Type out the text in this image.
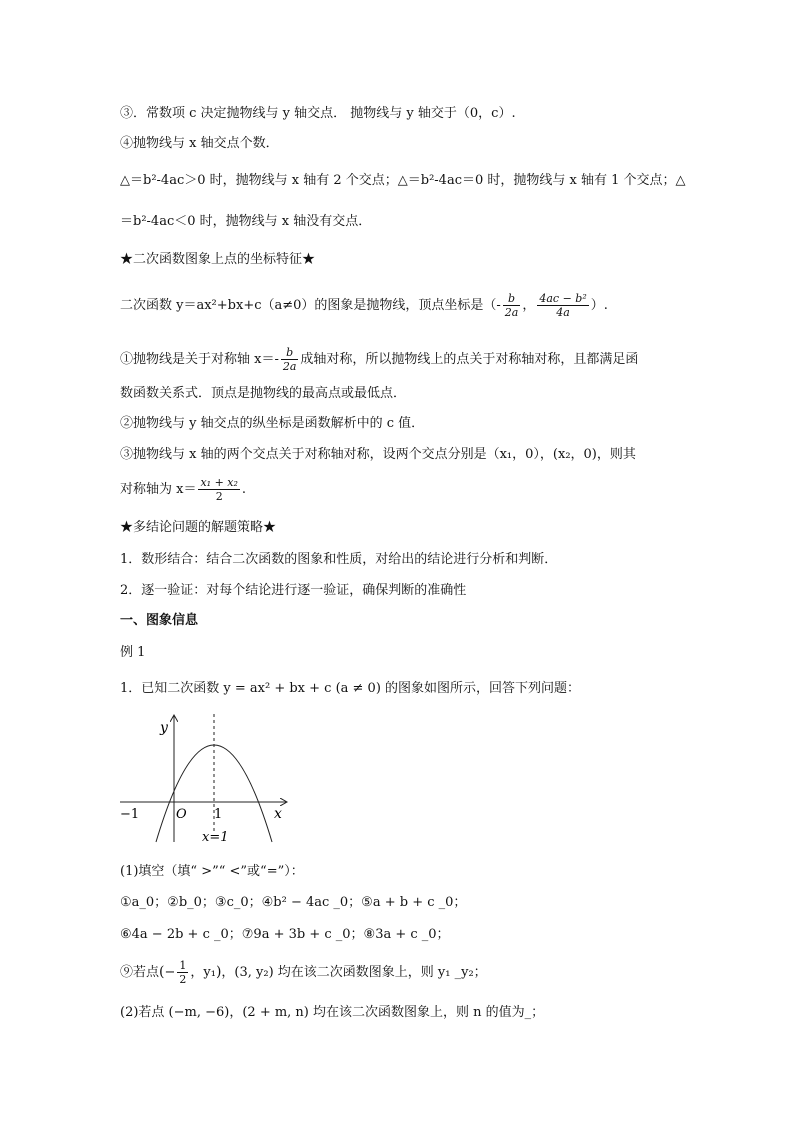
③．常数项 c 决定抛物线与 y 轴交点． 抛物线与 y 轴交于（0，c）.
④抛物线与 x 轴交点个数．
△＝b²-4ac＞0 时，抛物线与 x 轴有 2 个交点；△＝b²-4ac＝0 时，抛物线与 x 轴有 1 个交点；△
＝b²-4ac＜0 时，抛物线与 x 轴没有交点．
★二次函数图象上点的坐标特征★
二次函数 y＝ax²+bx+c（a≠0）的图象是抛物线，顶点坐标是（- $\frac{b}{2a}$ ， $\frac{\text{4ac − b²}}{4a}$ ）.
①抛物线是关于对称轴 $x=- \frac{b}{2a}$ 成轴对称，所以抛物线上的点关于对称轴对称，且都满足函
数函数关系式．顶点是抛物线的最高点或最低点．
②抛物线与 y 轴交点的纵坐标是函数解析中的 c 值．
③抛物线与 x 轴的两个交点关于对称轴对称，设两个交点分别是（x₁，0），(x₂，0)，则其
对称轴为 $x= \frac{\text{x₁ + x₂}}{2}$ .
★多结论问题的解题策略★
1．数形结合：结合二次函数的图象和性质，对给出的结论进行分析和判断．
2．逐一验证：对每个结论进行逐一验证，确保判断的准确性
一、图象信息
例 1
1．已知二次函数 y = ax² + bx + c (a ≠ 0) 的图象如图所示，回答下列问题：
y
x
O
−1	1
x=1
(1)填空（填“ >”“ <”或“=”）：
①a_0；②b_0；③c_0；④b² − 4ac _0；⑤a + b + c _0；
⑥4a − 2b + c _0；⑦9a + 3b + c _0；⑧3a + c _0；
⑨若点(− $\frac{1}{2}$ ，y₁)，(3, y₂) 均在该二次函数图象上，则 y₁ _y₂；
(2)若点 (−m, −6)，(2 + m, n) 均在该二次函数图象上，则 n 的值为_；
